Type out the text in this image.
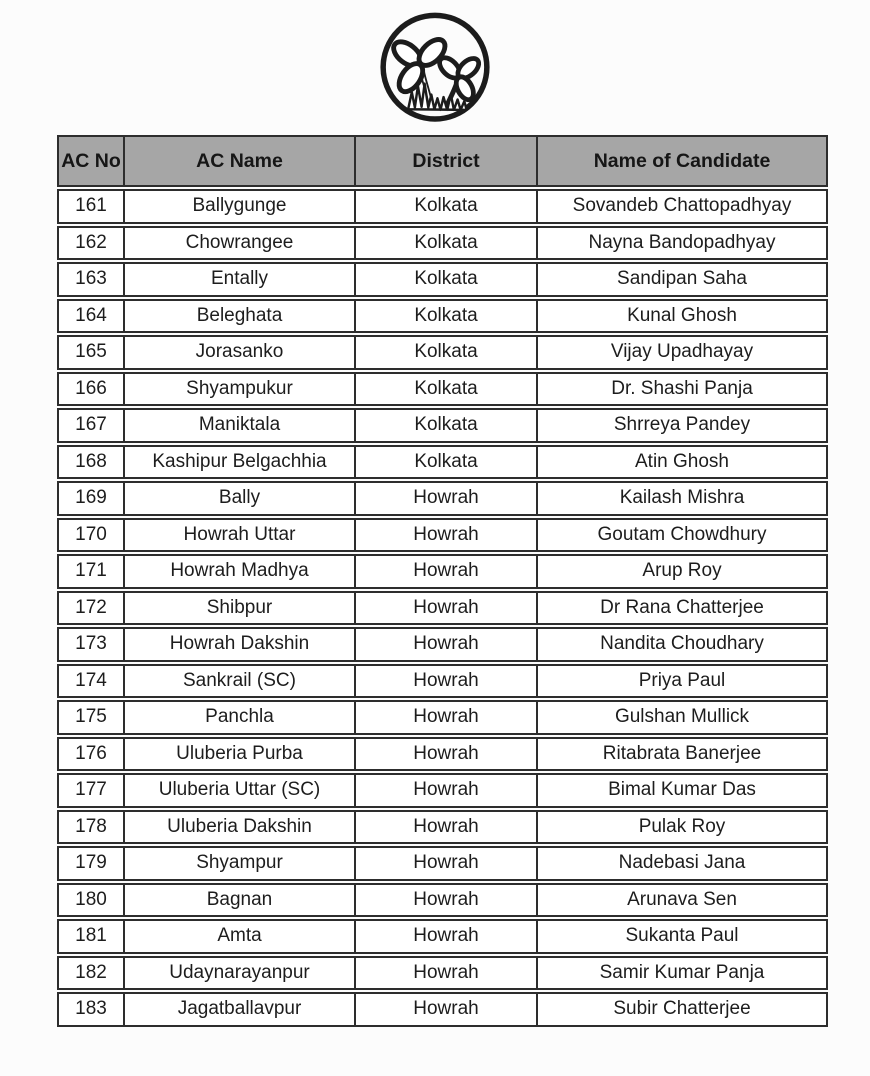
AC No	AC Name	District	Name of Candidate
161	Ballygunge	Kolkata	Sovandeb Chattopadhyay
162	Chowrangee	Kolkata	Nayna Bandopadhyay
163	Entally	Kolkata	Sandipan Saha
164	Beleghata	Kolkata	Kunal Ghosh
165	Jorasanko	Kolkata	Vijay Upadhayay
166	Shyampukur	Kolkata	Dr. Shashi Panja
167	Maniktala	Kolkata	Shrreya Pandey
168	Kashipur Belgachhia	Kolkata	Atin Ghosh
169	Bally	Howrah	Kailash Mishra
170	Howrah Uttar	Howrah	Goutam Chowdhury
171	Howrah Madhya	Howrah	Arup Roy
172	Shibpur	Howrah	Dr Rana Chatterjee
173	Howrah Dakshin	Howrah	Nandita Choudhary
174	Sankrail (SC)	Howrah	Priya Paul
175	Panchla	Howrah	Gulshan Mullick
176	Uluberia Purba	Howrah	Ritabrata Banerjee
177	Uluberia Uttar (SC)	Howrah	Bimal Kumar Das
178	Uluberia Dakshin	Howrah	Pulak Roy
179	Shyampur	Howrah	Nadebasi Jana
180	Bagnan	Howrah	Arunava Sen
181	Amta	Howrah	Sukanta Paul
182	Udaynarayanpur	Howrah	Samir Kumar Panja
183	Jagatballavpur	Howrah	Subir Chatterjee
